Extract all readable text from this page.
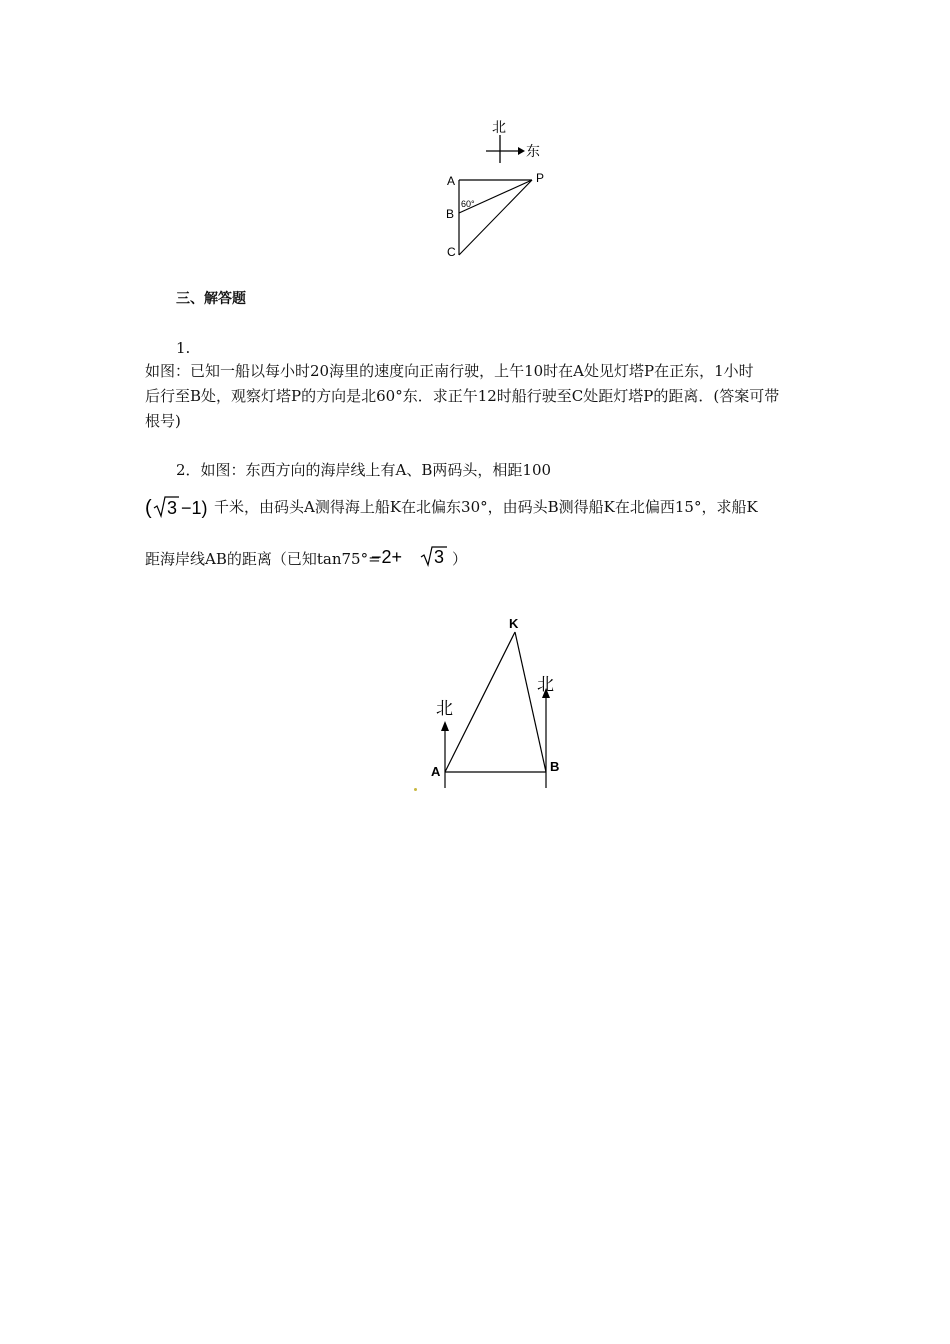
北
东
A
B
C
P
60°
三、解答题
1.
如图：已知一船以每小时20海里的速度向正南行驶，上午10时在A处见灯塔P在正东，1小时
后行至B处，观察灯塔P的方向是北60°东．求正午12时船行驶至C处距灯塔P的距离．(答案可带
根号)
2．如图：东西方向的海岸线上有A、B两码头，相距100
( 3 −1) 千米，由码头A测得海上船K在北偏东30°，由码头B测得船K在北偏西15°，求船K
距海岸线AB的距离（已知tan75°=
−2+ 3 ）
北
北
K
A	B
